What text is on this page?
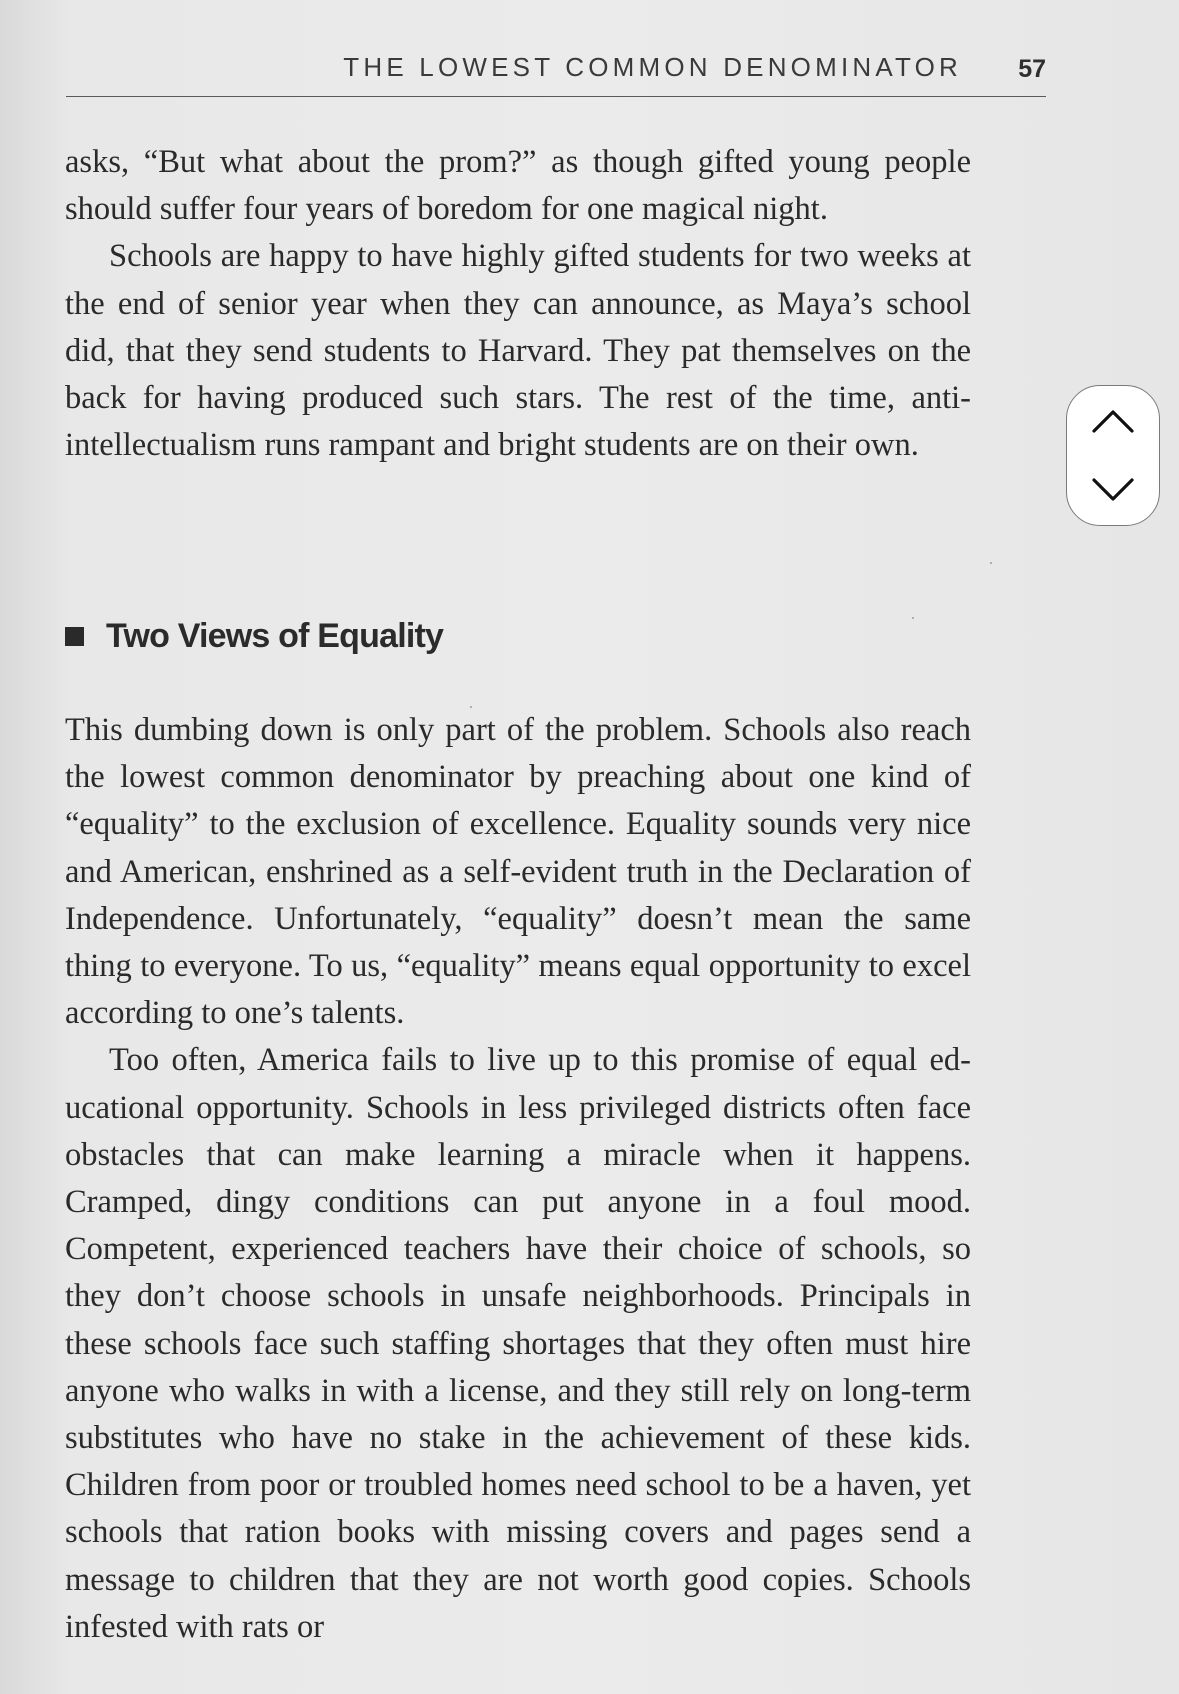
THE LOWEST COMMON DENOMINATOR 57

asks, “But what about the prom?” as though gifted young people should suffer four years of boredom for one magical night.

Schools are happy to have highly gifted students for two weeks at the end of senior year when they can announce, as Maya’s school did, that they send students to Harvard. They pat themselves on the back for having produced such stars. The rest of the time, anti-intellectualism runs rampant and bright students are on their own.

Two Views of Equality

This dumbing down is only part of the problem. Schools also reach the lowest common denominator by preaching about one kind of “equality” to the exclusion of excellence. Equality sounds very nice and American, enshrined as a self-evident truth in the Declaration of Independence. Unfortunately, “equality” doesn’t mean the same thing to everyone. To us, “equality” means equal opportunity to excel according to one’s talents.

Too often, America fails to live up to this promise of equal educational opportunity. Schools in less privileged districts often face obstacles that can make learning a miracle when it happens. Cramped, dingy conditions can put anyone in a foul mood. Competent, experienced teachers have their choice of schools, so they don’t choose schools in unsafe neighborhoods. Principals in these schools face such staffing shortages that they often must hire anyone who walks in with a license, and they still rely on long-term substitutes who have no stake in the achievement of these kids. Children from poor or troubled homes need school to be a haven, yet schools that ration books with missing covers and pages send a message to children that they are not worth good copies. Schools infested with rats or
